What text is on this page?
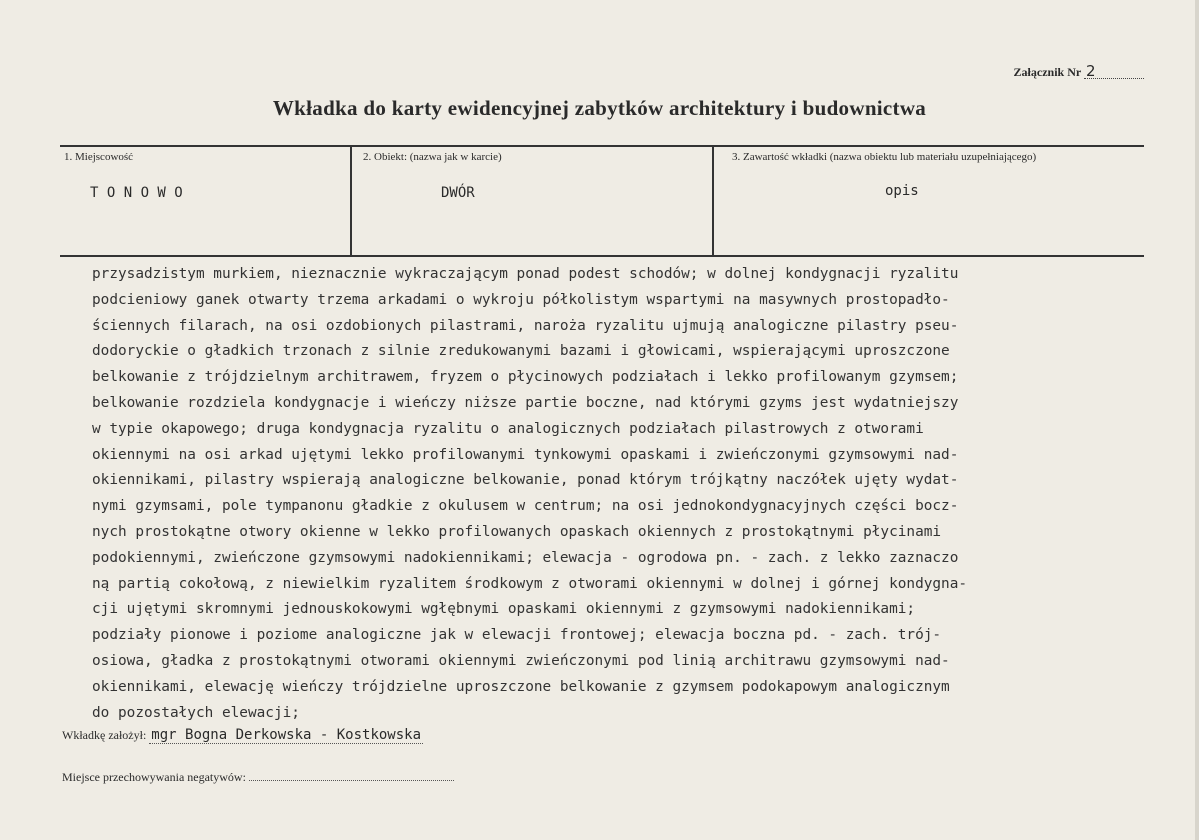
Załącznik Nr 2
Wkładka do karty ewidencyjnej zabytków architektury i budownictwa
1. Miejscowość
T O N O W O
2. Obiekt: (nazwa jak w karcie)
DWÓR
3. Zawartość wkładki (nazwa obiektu lub materiału uzupełniającego)
opis
przysadzistym murkiem, nieznacznie wykraczającym ponad podest schodów; w dolnej kondygnacji ryzalitu
podcieniowy ganek otwarty trzema arkadami o wykroju półkolistym wspartymi na masywnych prostopadło-
ściennych filarach, na osi ozdobionych pilastrami, naroża ryzalitu ujmują analogiczne pilastry pseu-
dodoryckie o gładkich trzonach z silnie zredukowanymi bazami i głowicami, wspierającymi uproszczone
belkowanie z trójdzielnym architrawem, fryzem o płycinowych podziałach i lekko profilowanym gzymsem;
belkowanie rozdziela kondygnacje i wieńczy niższe partie boczne, nad którymi gzyms jest wydatniejszy
w typie okapowego; druga kondygnacja ryzalitu o analogicznych podziałach pilastrowych z otworami
okiennymi na osi arkad ujętymi lekko profilowanymi tynkowymi opaskami i zwieńczonymi gzymsowymi nad-
okiennikami, pilastry wspierają analogiczne belkowanie, ponad którym trójkątny naczółek ujęty wydat-
nymi gzymsami, pole tympanonu gładkie z okulusem w centrum; na osi jednokondygnacyjnych części bocz-
nych prostokątne otwory okienne w lekko profilowanych opaskach okiennych z prostokątnymi płycinami
podokiennymi, zwieńczone gzymsowymi nadokiennikami; elewacja - ogrodowa pn. - zach. z lekko zaznaczo
ną partią cokołową, z niewielkim ryzalitem środkowym z otworami okiennymi w dolnej i górnej kondygna-
cji ujętymi skromnymi jednouskokowymi wgłębnymi opaskami okiennymi z gzymsowymi nadokiennikami;
podziały pionowe i poziome analogiczne jak w elewacji frontowej; elewacja boczna pd. - zach. trój-
osiowa, gładka z prostokątnymi otworami okiennymi zwieńczonymi pod linią architrawu gzymsowymi nad-
okiennikami, elewację wieńczy trójdzielne uproszczone belkowanie z gzymsem podokapowym analogicznym
do pozostałych elewacji;
Wkładkę założył: mgr Bogna Derkowska - Kostkowska
Miejsce przechowywania negatywów:
